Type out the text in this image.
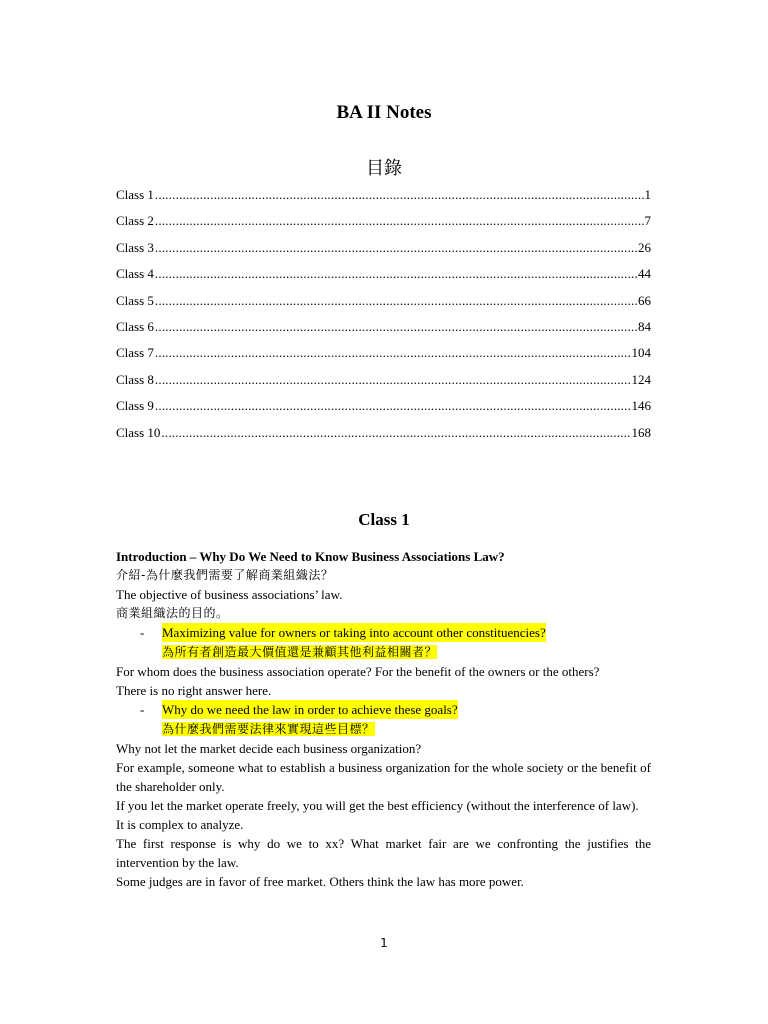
BA II Notes
目錄
Class 1 .....	1
Class 2 .....	7
Class 3 .....	26
Class 4 .....	44
Class 5 .....	66
Class 6 .....	84
Class 7 .....	104
Class 8 .....	124
Class 9 .....	146
Class 10 .....	168
Class 1

Introduction – Why Do We Need to Know Business Associations Law?

介紹-為什麼我們需要了解商業組織法？

The objective of business associations’ law.

商業組織法的目的。

-	Maximizing value for owners or taking into account other constituencies?

為所有者創造最大價值還是兼顧其他利益相關者？

For whom does the business association operate? For the benefit of the owners or the others?

There is no right answer here.

-	Why do we need the law in order to achieve these goals?

為什麼我們需要法律來實現這些目標？

Why not let the market decide each business organization?

For example, someone what to establish a business organization for the whole society or the benefit of the shareholder only.

If you let the market operate freely, you will get the best efficiency (without the interference of law).

It is complex to analyze.

The first response is why do we to xx? What market fair are we confronting the justifies the intervention by the law.

Some judges are in favor of free market. Others think the law has more power.

1
